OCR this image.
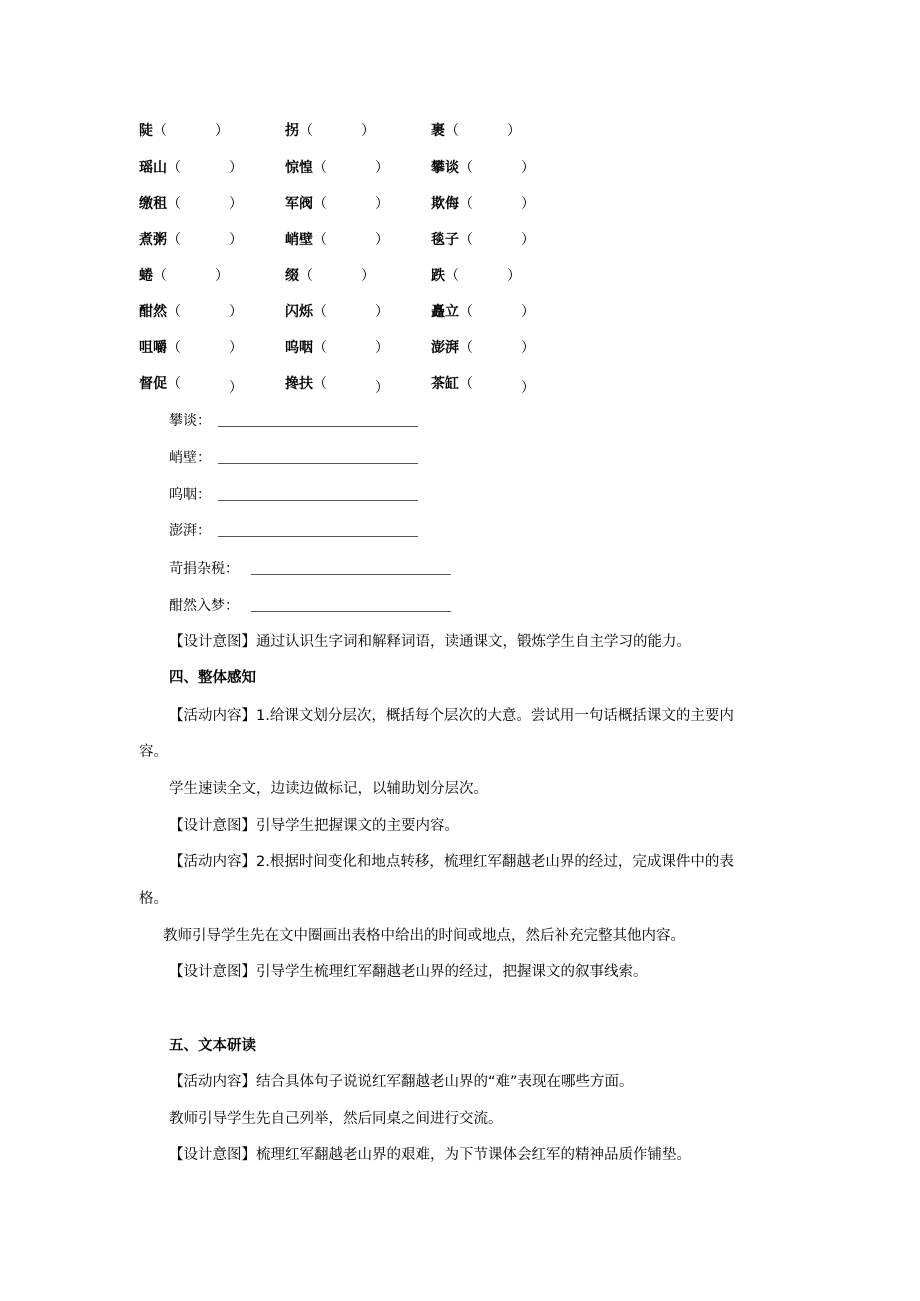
陡（	）	拐（	）	裹（	）
瑶山（	）	惊惶（	）	攀谈（	）
缴租（	）	军阀（	）	欺侮（	）
煮粥（	）	峭壁（	）	毯子（	）
蜷（	）	缀（	）	跌（	）
酣然（	）	闪烁（	）	矗立（	）
咀嚼（	）	呜咽（	）	澎湃（	）
督促（	）	搀扶（	）	茶缸（	）
攀谈：
峭壁：
呜咽：
澎湃：
苛捐杂税：
酣然入梦：
【设计意图】通过认识生字词和解释词语，读通课文，锻炼学生自主学习的能力。
四、整体感知
【活动内容】1.给课文划分层次，概括每个层次的大意。尝试用一句话概括课文的主要内
容。
学生速读全文，边读边做标记，以辅助划分层次。
【设计意图】引导学生把握课文的主要内容。
【活动内容】2.根据时间变化和地点转移，梳理红军翻越老山界的经过，完成课件中的表
格。
教师引导学生先在文中圈画出表格中给出的时间或地点，然后补充完整其他内容。
【设计意图】引导学生梳理红军翻越老山界的经过，把握课文的叙事线索。
五、文本研读
【活动内容】结合具体句子说说红军翻越老山界的“难”表现在哪些方面。
教师引导学生先自己列举，然后同桌之间进行交流。
【设计意图】梳理红军翻越老山界的艰难，为下节课体会红军的精神品质作铺垫。
